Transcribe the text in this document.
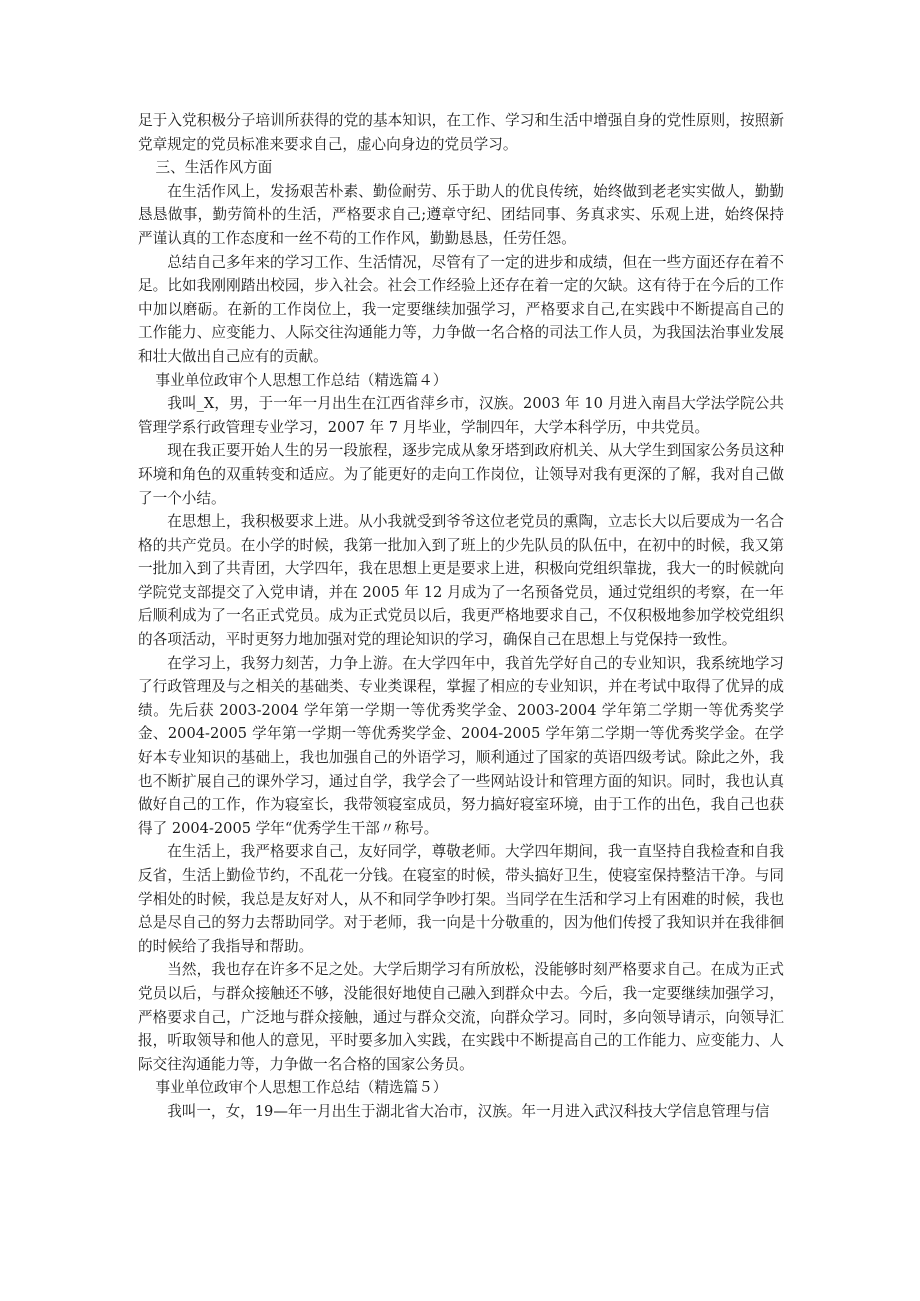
足于入党积极分子培训所获得的党的基本知识，在工作、学习和生活中增强自身的党性原则，按照新党章规定的党员标准来要求自己，虚心向身边的党员学习。

三、生活作风方面

在生活作风上，发扬艰苦朴素、勤俭耐劳、乐于助人的优良传统，始终做到老老实实做人，勤勤恳恳做事，勤劳简朴的生活，严格要求自己;遵章守纪、团结同事、务真求实、乐观上进，始终保持严谨认真的工作态度和一丝不苟的工作作风，勤勤恳恳，任劳任怨。

总结自己多年来的学习工作、生活情况，尽管有了一定的进步和成绩，但在一些方面还存在着不足。比如我刚刚踏出校园，步入社会。社会工作经验上还存在着一定的欠缺。这有待于在今后的工作中加以磨砺。在新的工作岗位上，我一定要继续加强学习，严格要求自己,在实践中不断提高自己的工作能力、应变能力、人际交往沟通能力等，力争做一名合格的司法工作人员，为我国法治事业发展和壮大做出自己应有的贡献。

事业单位政审个人思想工作总结（精选篇４）

我叫_X，男，于一年一月出生在江西省萍乡市，汉族。2003 年 10 月进入南昌大学法学院公共管理学系行政管理专业学习，2007 年 7 月毕业，学制四年，大学本科学历，中共党员。

现在我正要开始人生的另一段旅程，逐步完成从象牙塔到政府机关、从大学生到国家公务员这种环境和角色的双重转变和适应。为了能更好的走向工作岗位，让领导对我有更深的了解，我对自己做了一个小结。

在思想上，我积极要求上进。从小我就受到爷爷这位老党员的熏陶，立志长大以后要成为一名合格的共产党员。在小学的时候，我第一批加入到了班上的少先队员的队伍中，在初中的时候，我又第一批加入到了共青团，大学四年，我在思想上更是要求上进，积极向党组织靠拢，我大一的时候就向学院党支部提交了入党申请，并在 2005 年 12 月成为了一名预备党员，通过党组织的考察，在一年后顺利成为了一名正式党员。成为正式党员以后，我更严格地要求自己，不仅积极地参加学校党组织的各项活动，平时更努力地加强对党的理论知识的学习，确保自己在思想上与党保持一致性。

在学习上，我努力刻苦，力争上游。在大学四年中，我首先学好自己的专业知识，我系统地学习了行政管理及与之相关的基础类、专业类课程，掌握了相应的专业知识，并在考试中取得了优异的成绩。先后获 2003-2004 学年第一学期一等优秀奖学金、2003-2004 学年第二学期一等优秀奖学金、2004-2005 学年第一学期一等优秀奖学金、2004-2005 学年第二学期一等优秀奖学金。在学好本专业知识的基础上，我也加强自己的外语学习，顺利通过了国家的英语四级考试。除此之外，我也不断扩展自己的课外学习，通过自学，我学会了一些网站设计和管理方面的知识。同时，我也认真做好自己的工作，作为寝室长，我带领寝室成员，努力搞好寝室环境，由于工作的出色，我自己也获得了 2004-2005 学年“优秀学生干部〃称号。

在生活上，我严格要求自己，友好同学，尊敬老师。大学四年期间，我一直坚持自我检查和自我反省，生活上勤俭节约，不乱花一分钱。在寝室的时候，带头搞好卫生，使寝室保持整洁干净。与同学相处的时候，我总是友好对人，从不和同学争吵打架。当同学在生活和学习上有困难的时候，我也总是尽自己的努力去帮助同学。对于老师，我一向是十分敬重的，因为他们传授了我知识并在我徘徊的时候给了我指导和帮助。

当然，我也存在许多不足之处。大学后期学习有所放松，没能够时刻严格要求自己。在成为正式党员以后，与群众接触还不够，没能很好地使自己融入到群众中去。今后，我一定要继续加强学习，严格要求自己，广泛地与群众接触，通过与群众交流，向群众学习。同时，多向领导请示，向领导汇报，听取领导和他人的意见，平时要多加入实践，在实践中不断提高自己的工作能力、应变能力、人际交往沟通能力等，力争做一名合格的国家公务员。

事业单位政审个人思想工作总结（精选篇５）

我叫一，女，19—年一月出生于湖北省大冶市，汉族。年一月进入武汉科技大学信息管理与信
